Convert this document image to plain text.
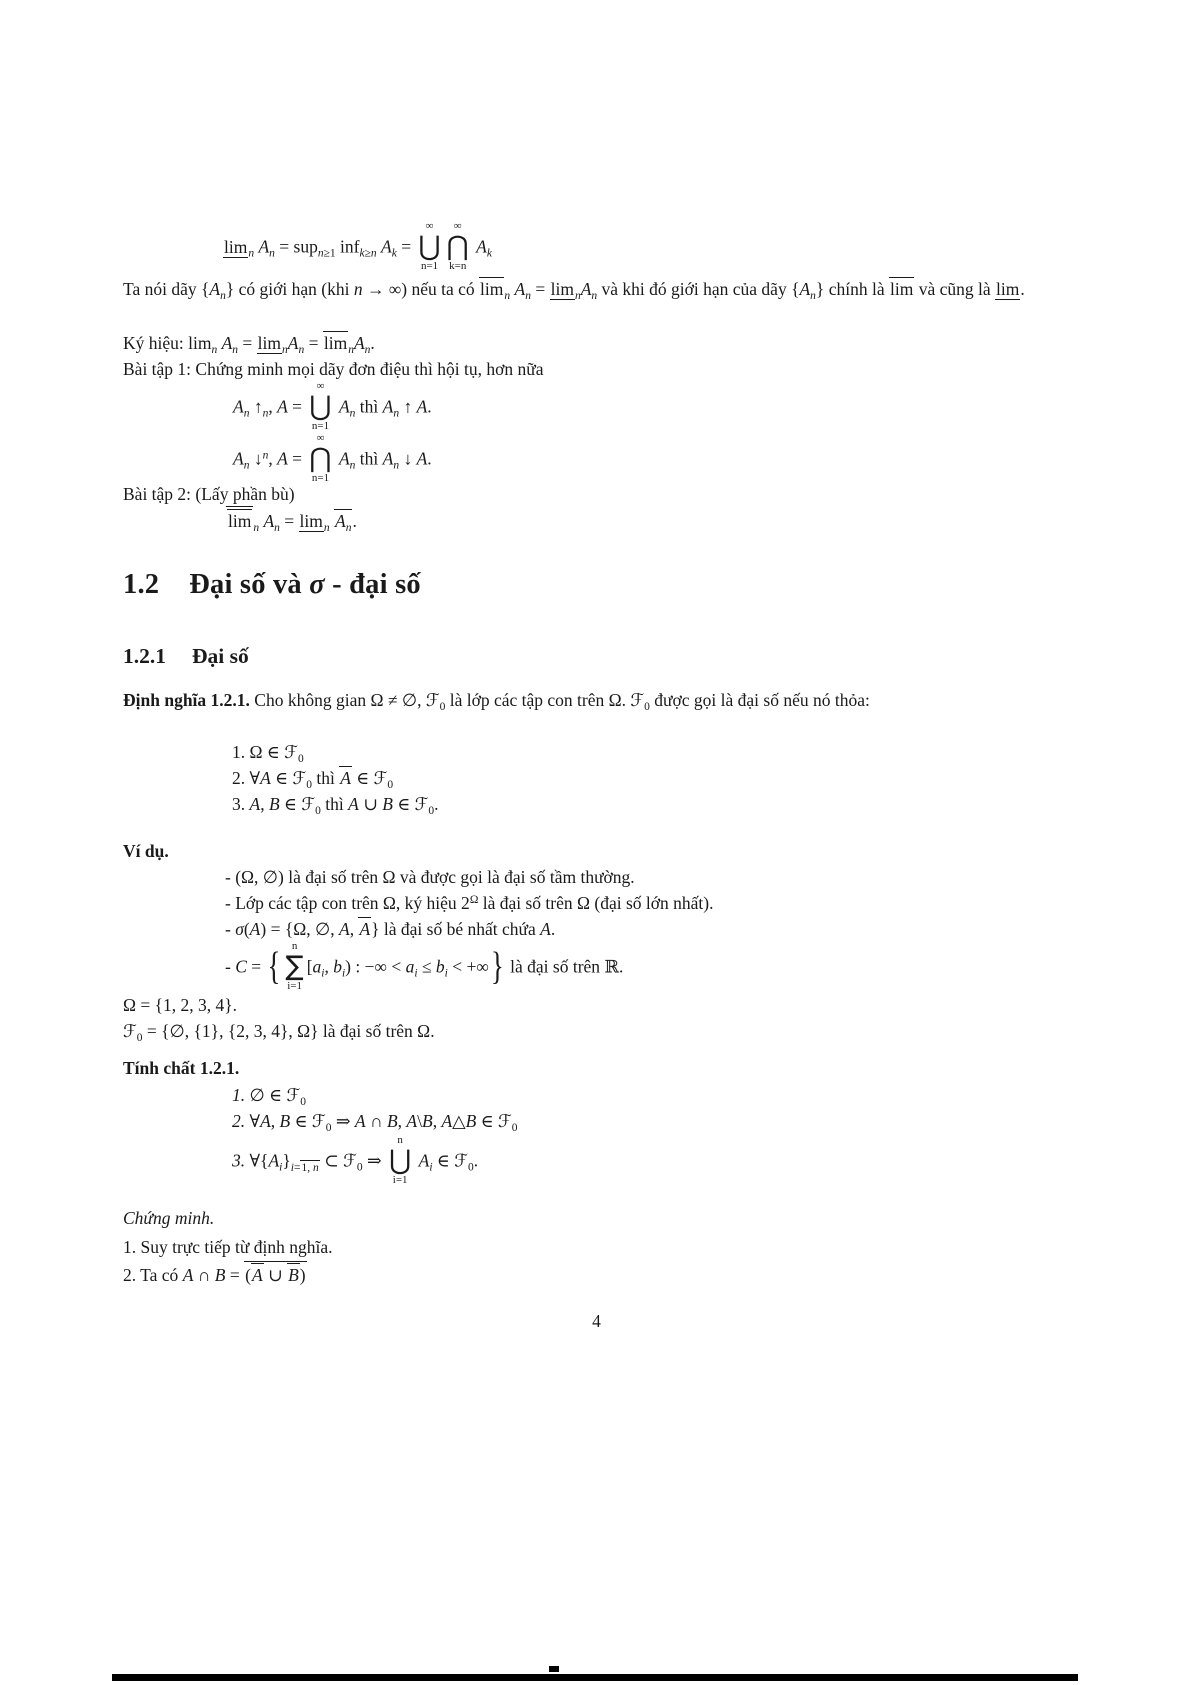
$\lim_n A_n = sup_{n\ge 1}$ inf$_{k\ge n}$ $A_k$ =
∞
⋃
n=1
∞
⋂
k=n
$A_k$
Ta nói dãy $\{A_n\}$ có giới hạn (khi n → ∞) nếu ta có $\lim_n A_n = \lim_nA_n$ và khi đó giới hạn của dãy $\{A_n\}$ chính là lim và cũng là lim.
Ký hiệu: $\lim_n A_n = \lim_nA_n = \lim_nA_n$.
Bài tập 1: Chứng minh mọi dãy đơn điệu thì hội tụ, hơn nữa
$A_n$ $↑_n$, A =
∞
⋃
n=1
$A_n$ thì $A_n$ ↑ A.
$A_n$ ↓$^n$, A =
∞
⋂
n=1
$A_n$ thì $A_n$ ↓ A.
Bài tập 2: (Lấy phần bù)
lim $_n$ $A_n = \lim_n A_n$.
1.2 Đại số và σ - đại số
1.2.1 Đại số
Định nghĩa 1.2.1. Cho không gian Ω ≠ ∅, ℱ$_0$ là lớp các tập con trên Ω. ℱ$_0$ được gọi là đại số nếu nó thỏa:
1. Ω ∈ ℱ$_0$
2. ∀A ∈ ℱ$_0$ thì A ∈ ℱ$_0$
3. A, B ∈ ℱ$_0$ thì A ∪ B ∈ ℱ$_0$.
Ví dụ.
- (Ω, ∅) là đại số trên Ω và được gọi là đại số tầm thường.
- Lớp các tập con trên Ω, ký hiệu $2^\Omega$ là đại số trên Ω (đại số lớn nhất).
- σ(A) = {Ω, ∅, A, A} là đại số bé nhất chứa A.
- C = { n
∑
i=1
[$a_i$, $b_i$) : −∞ < $a_i \le b_i$ < +∞} là đại số trên ℝ.
Ω = {1, 2, 3, 4}.
ℱ$_0$ = {∅, {1}, {2, 3, 4}, Ω} là đại số trên Ω.
Tính chất 1.2.1.
1. ∅ ∈ ℱ$_0$
2. ∀A, B ∈ ℱ$_0$ ⇒ A ∩ B, A\B, A△B ∈ ℱ$_0$
3. $\forall\{A_i\}_{i=1, n}$ ⊂ ℱ$_0$ ⇒
n
⋃
i=1
$A_i$ ∈ ℱ$_0$.
Chứng minh.
1. Suy trực tiếp từ định nghĩa.
2. Ta có A ∩ B = (A ∪ B)
4
